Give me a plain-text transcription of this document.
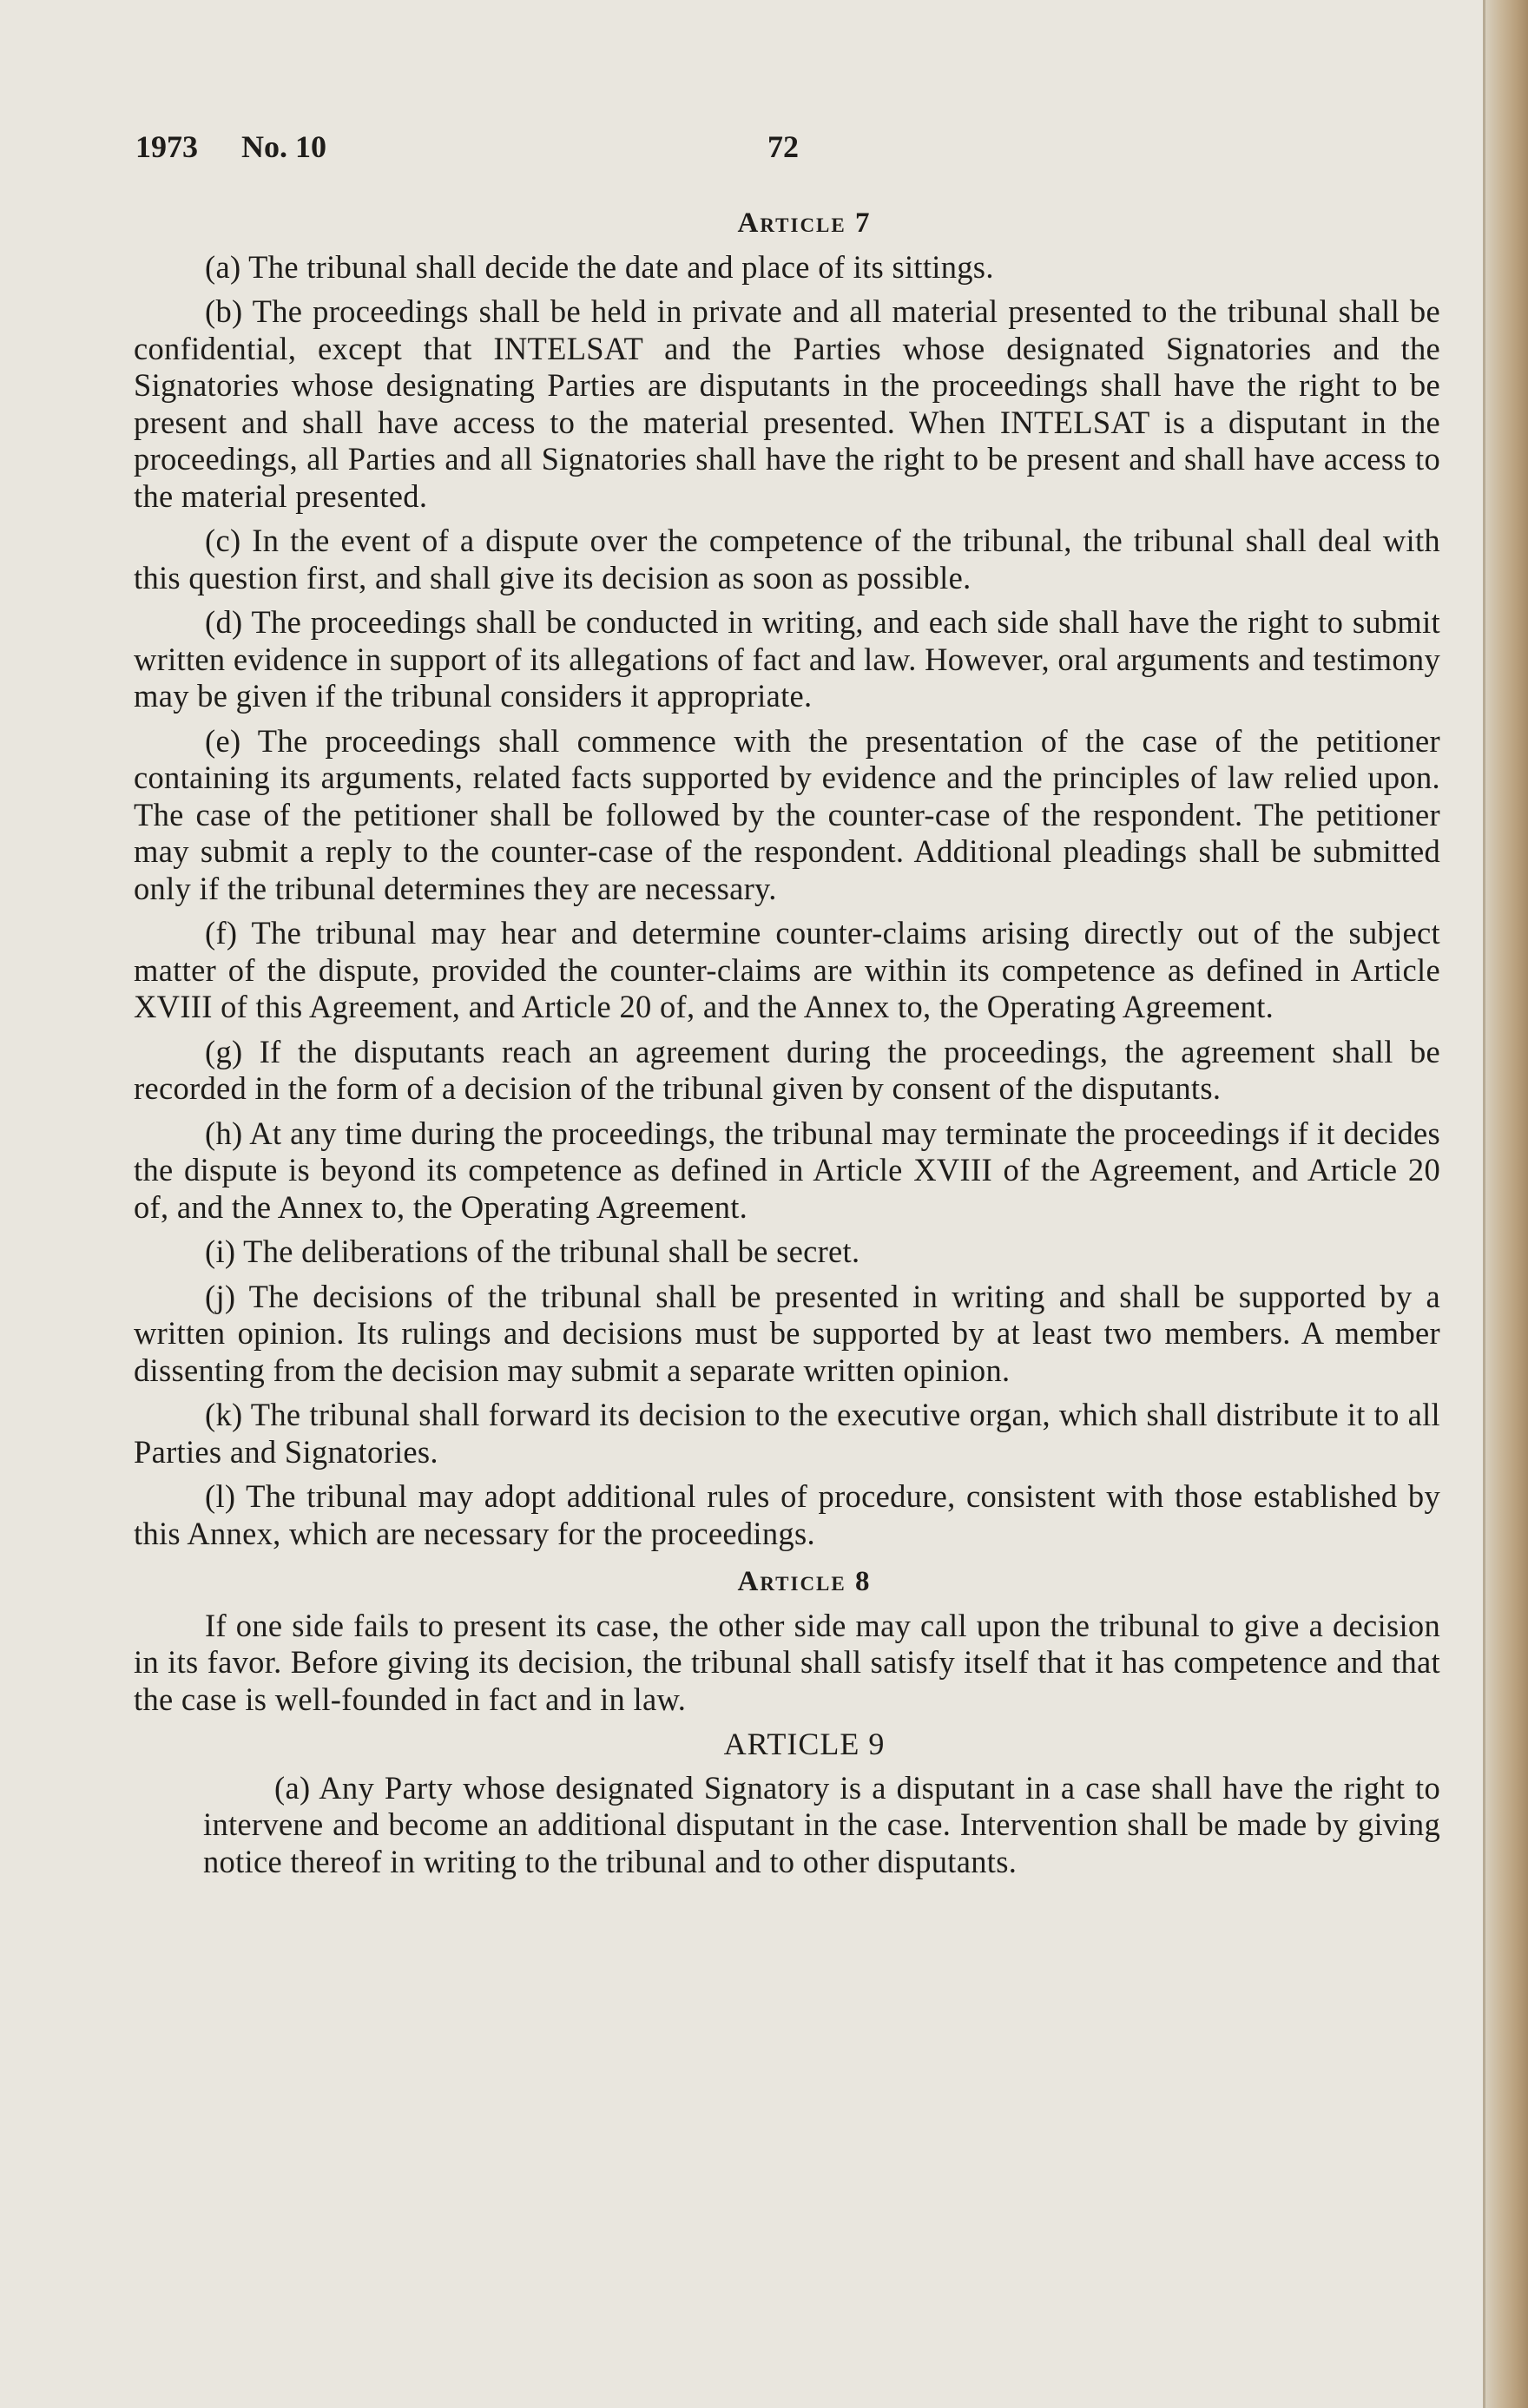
1973 No. 10	72
Article 7

(a) The tribunal shall decide the date and place of its sittings.

(b) The proceedings shall be held in private and all material presented to the tribunal shall be confidential, except that INTELSAT and the Parties whose designated Signatories and the Signatories whose designating Parties are disputants in the proceedings shall have the right to be present and shall have access to the material presented. When INTELSAT is a disputant in the proceedings, all Parties and all Signatories shall have the right to be present and shall have access to the material presented.

(c) In the event of a dispute over the competence of the tribunal, the tribunal shall deal with this question first, and shall give its decision as soon as possible.

(d) The proceedings shall be conducted in writing, and each side shall have the right to submit written evidence in support of its allegations of fact and law. However, oral arguments and testimony may be given if the tribunal considers it appropriate.

(e) The proceedings shall commence with the presentation of the case of the petitioner containing its arguments, related facts supported by evidence and the principles of law relied upon. The case of the petitioner shall be followed by the counter-case of the respondent. The petitioner may submit a reply to the counter-case of the respondent. Additional pleadings shall be submitted only if the tribunal determines they are necessary.

(f) The tribunal may hear and determine counter-claims arising directly out of the subject matter of the dispute, provided the counter-claims are within its competence as defined in Article XVIII of this Agreement, and Article 20 of, and the Annex to, the Operating Agreement.

(g) If the disputants reach an agreement during the proceedings, the agreement shall be recorded in the form of a decision of the tribunal given by consent of the disputants.

(h) At any time during the proceedings, the tribunal may terminate the proceedings if it decides the dispute is beyond its competence as defined in Article XVIII of the Agreement, and Article 20 of, and the Annex to, the Operating Agreement.

(i) The deliberations of the tribunal shall be secret.

(j) The decisions of the tribunal shall be presented in writing and shall be supported by a written opinion. Its rulings and decisions must be supported by at least two members. A member dissenting from the decision may submit a separate written opinion.

(k) The tribunal shall forward its decision to the executive organ, which shall distribute it to all Parties and Signatories.

(l) The tribunal may adopt additional rules of procedure, consistent with those established by this Annex, which are necessary for the proceedings.

Article 8

If one side fails to present its case, the other side may call upon the tribunal to give a decision in its favor. Before giving its decision, the tribunal shall satisfy itself that it has competence and that the case is well-founded in fact and in law.

ARTICLE 9

(a) Any Party whose designated Signatory is a disputant in a case shall have the right to intervene and become an additional disputant in the case. Intervention shall be made by giving notice thereof in writing to the tribunal and to other disputants.
